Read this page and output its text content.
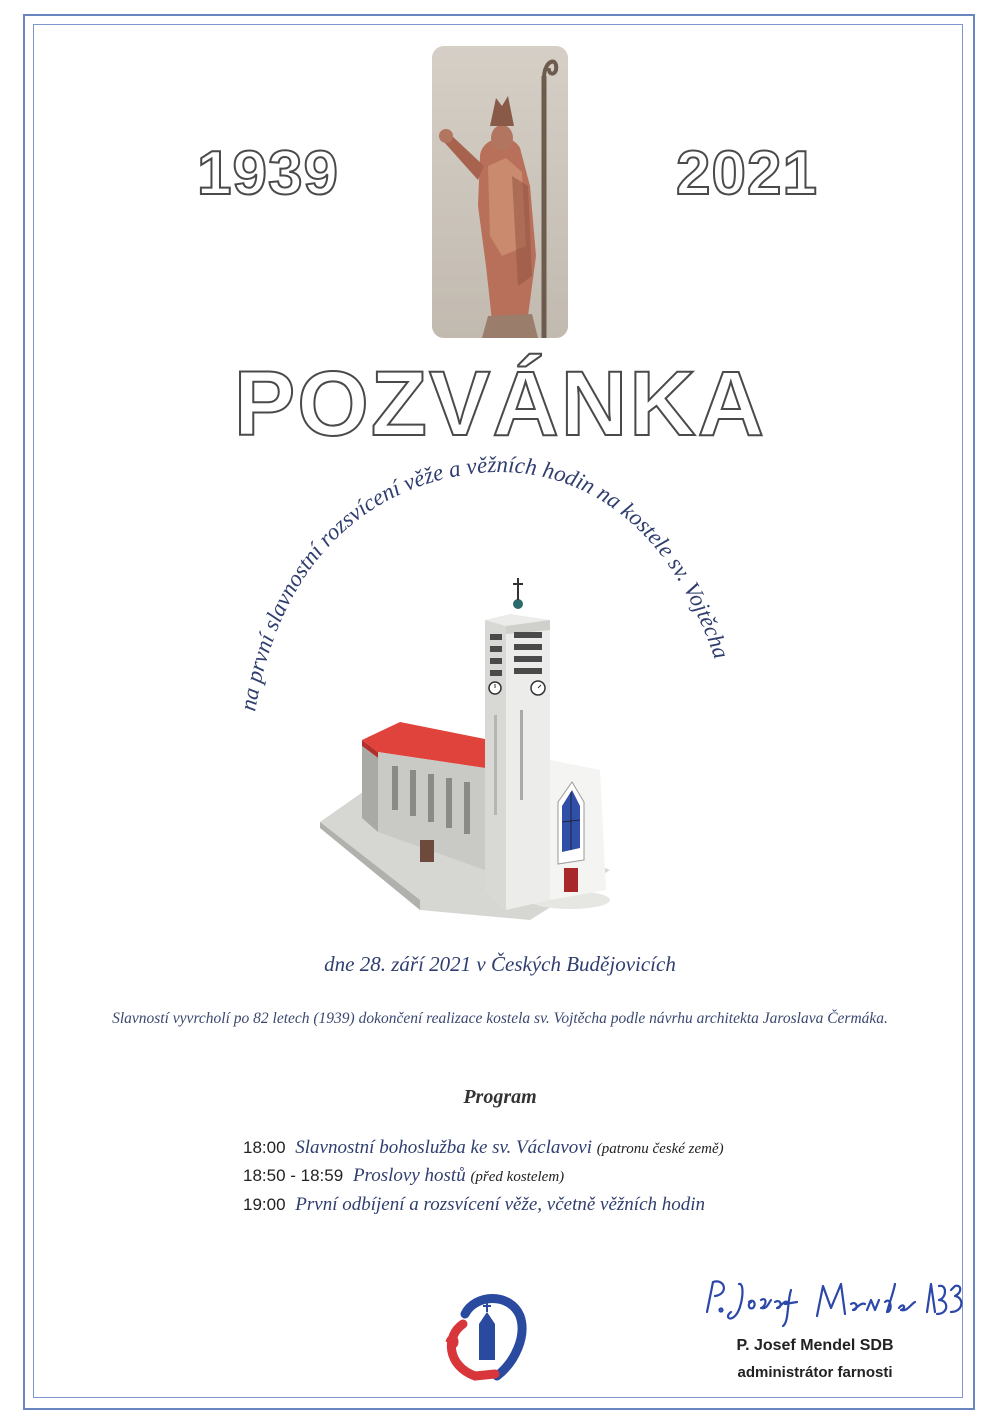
1939	2021
POZVÁNKA
na první slavnostní rozsvícení věže a věžních hodin na kostele sv. Vojtěcha
dne 28. září 2021 v Českých Budějovicích
Slavností vyvrcholí po 82 letech (1939) dokončení realizace kostela sv. Vojtěcha podle návrhu architekta Jaroslava Čermáka.
Program
18:00 Slavnostní bohoslužba ke sv. Václavovi (patronu české země)
18:50 - 18:59 Proslovy hostů (před kostelem)
19:00 První odbíjení a rozsvícení věže, včetně věžních hodin
P. Josef Mendel SDB
administrátor farnosti
